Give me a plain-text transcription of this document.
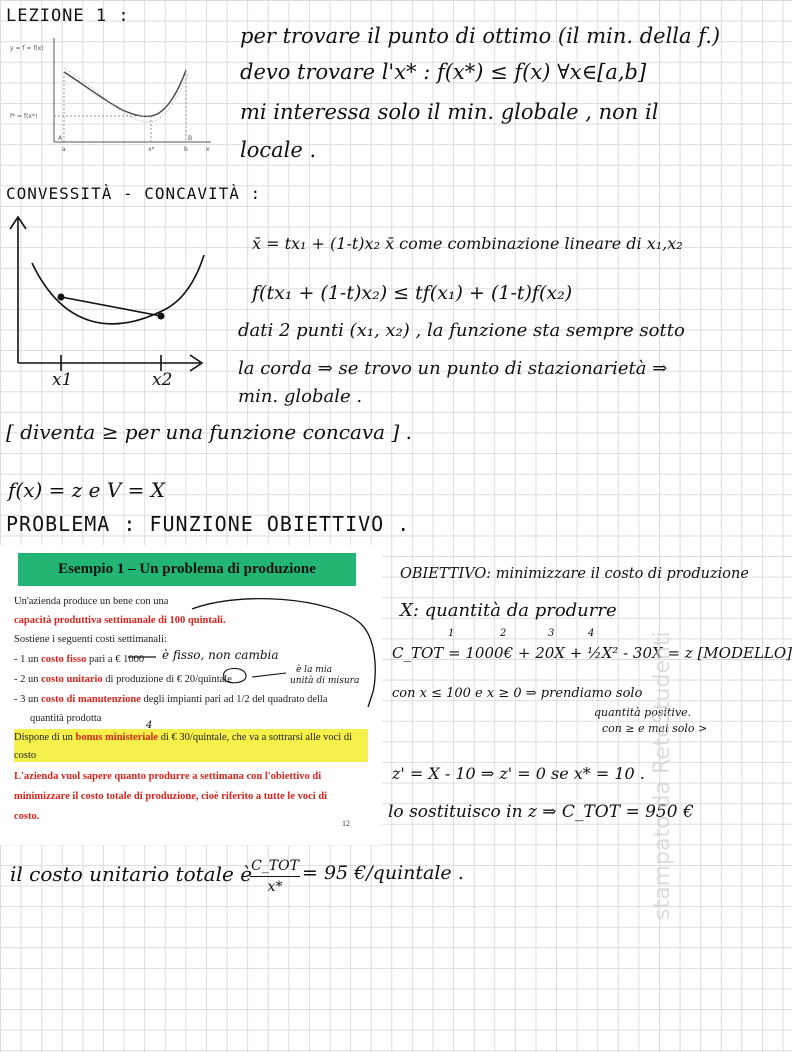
y = f = f(x)
f* = f(x*)
A	B
a	x*	b	x
LEZIONE 1 :
per trovare il punto di ottimo (il min. della f.)
devo trovare l'x* : f(x*) ≤ f(x) ∀x∈[a,b]
mi interessa solo il min. globale , non il
locale .
CONVESSITÀ - CONCAVITÀ :
x1	x2
x̄ = tx₁ + (1-t)x₂ x̄ come combinazione lineare di x₁,x₂
f(tx₁ + (1-t)x₂) ≤ tf(x₁) + (1-t)f(x₂)
dati 2 punti (x₁, x₂) , la funzione sta sempre sotto
la corda ⇒ se trovo un punto di stazionarietà ⇒
min. globale .
[ diventa ≥ per una funzione concava ] .
f(x) = z e V = X
PROBLEMA : FUNZIONE OBIETTIVO .
Esempio 1 – Un problema di produzione
Un'azienda produce un bene con una
capacità produttiva settimanale di 100 quintali.
Sostiene i seguenti costi settimanali:
- 1 un costo fisso pari a € 1000
- 2 un costo unitario di produzione di € 20/quintale
- 3 un costo di manutenzione degli impianti pari ad 1/2 del quadrato della
quantità prodotta
Dispone di un bonus ministeriale di € 30/quintale, che va a sottrarsi alle voci di
costo
L'azienda vuol sapere quanto produrre a settimana con l'obiettivo di
minimizzare il costo totale di produzione, cioè riferito a tutte le voci di
costo.
12
è fisso, non cambia
è la mia
unità di misura
4
OBIETTIVO: minimizzare il costo di produzione
X: quantità da produrre
1	2	3	4
C_TOT = 1000€ + 20X + ½X² - 30X = z [MODELLO]
con x ≤ 100 e x ≥ 0 ⇒ prendiamo solo
quantità positive.
con ≥ e mai solo >
z' = X - 10 ⇒ z' = 0 se x* = 10 .
lo sostituisco in z ⇒ C_TOT = 950 €
il costo unitario totale è C_TOT
x*
= 95 €/quintale .	stampato da ReteStudenti
